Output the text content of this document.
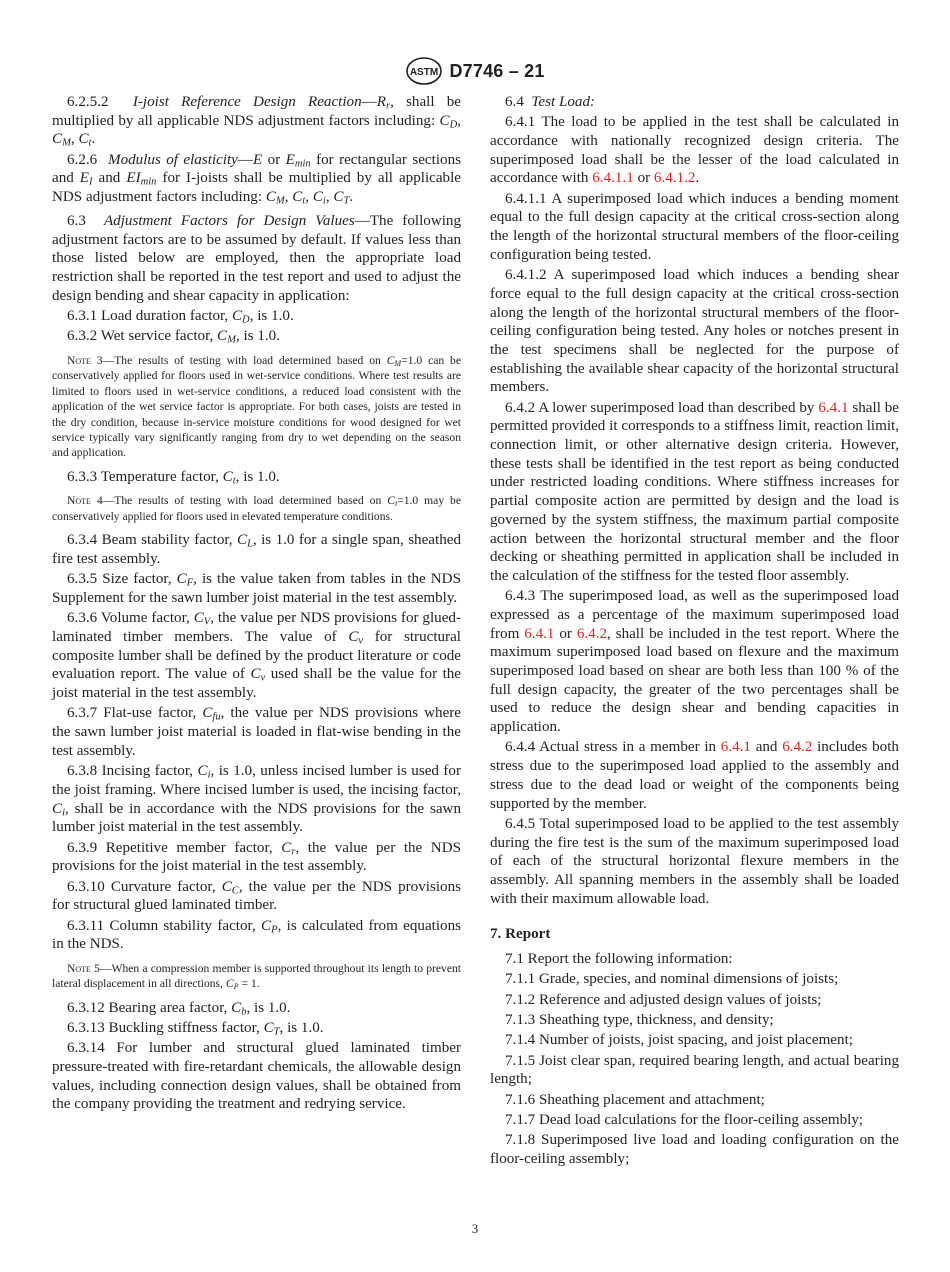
ASTM D7746 – 21

6.2.5.2 I-joist Reference Design $Reaction—R_r$, shall be multiplied by all applicable NDS adjustment factors including: $C_D$, $C_M$, $C_t$.

6.2.6 Modulus of elasticity—E or $E_{min}$ for rectangular sections and $E_I$ and $EI_{min}$ for I-joists shall be multiplied by all applicable NDS adjustment factors including: $C_M$, $C_t$, $C_i$, $C_T$.

6.3 Adjustment Factors for Design Values—The following adjustment factors are to be assumed by default. If values less than those listed below are employed, then the appropriate load restriction shall be reported in the test report and used to adjust the design bending and shear capacity in application:

6.3.1 Load duration factor, $C_D$, is 1.0.

6.3.2 Wet service factor, $C_M$, is 1.0.

Note 3—The results of testing with load determined based on $C_M=1.0$ can be conservatively applied for floors used in wet-service conditions. Where test results are limited to floors used in wet-service conditions, a reduced load consistent with the application of the wet service factor is appropriate. For both cases, joists are tested in the dry condition, because in-service moisture conditions for wood designed for wet service typically vary significantly ranging from dry to wet depending on the season and application.

6.3.3 Temperature factor, $C_t$, is 1.0.

Note 4—The results of testing with load determined based on $C_t=1.0$ may be conservatively applied for floors used in elevated temperature conditions.

6.3.4 Beam stability factor, $C_L$, is 1.0 for a single span, sheathed fire test assembly.

6.3.5 Size factor, $C_F$, is the value taken from tables in the NDS Supplement for the sawn lumber joist material in the test assembly.

6.3.6 Volume factor, $C_V$, the value per NDS provisions for glued-laminated timber members. The value of $C_v$ for structural composite lumber shall be defined by the product literature or code evaluation report. The value of $C_v$ used shall be the value for the joist material in the test assembly.

6.3.7 Flat-use factor, $C_{fu}$, the value per NDS provisions where the sawn lumber joist material is loaded in flat-wise bending in the test assembly.

6.3.8 Incising factor, $C_i$, is 1.0, unless incised lumber is used for the joist framing. Where incised lumber is used, the incising factor, $C_i$, shall be in accordance with the NDS provisions for the sawn lumber joist material in the test assembly.

6.3.9 Repetitive member factor, $C_r$, the value per the NDS provisions for the joist material in the test assembly.

6.3.10 Curvature factor, $C_C$, the value per the NDS provisions for structural glued laminated timber.

6.3.11 Column stability factor, $C_P$, is calculated from equations in the NDS.

Note 5—When a compression member is supported throughout its length to prevent lateral displacement in all directions, $C_P = 1$.

6.3.12 Bearing area factor, $C_b$, is 1.0.

6.3.13 Buckling stiffness factor, $C_T$, is 1.0.

6.3.14 For lumber and structural glued laminated timber pressure-treated with fire-retardant chemicals, the allowable design values, including connection design values, shall be obtained from the company providing the treatment and redrying service.

6.4 Test Load:

6.4.1 The load to be applied in the test shall be calculated in accordance with nationally recognized design criteria. The superimposed load shall be the lesser of the load calculated in accordance with 6.4.1.1 or 6.4.1.2.

6.4.1.1 A superimposed load which induces a bending moment equal to the full design capacity at the critical cross-section along the length of the horizontal structural members of the floor-ceiling configuration being tested.

6.4.1.2 A superimposed load which induces a bending shear force equal to the full design capacity at the critical cross-section along the length of the horizontal structural members of the floor-ceiling configuration being tested. Any holes or notches present in the test specimens shall be neglected for the purpose of establishing the available shear capacity of the horizontal structural members.

6.4.2 A lower superimposed load than described by 6.4.1 shall be permitted provided it corresponds to a stiffness limit, reaction limit, connection limit, or other alternative design criteria. However, these tests shall be identified in the test report as being conducted under restricted loading conditions. Where stiffness increases for partial composite action are permitted by design and the load is governed by the system stiffness, the maximum partial composite action between the horizontal structural member and the floor decking or sheathing permitted in application shall be included in the calculation of the stiffness for the tested floor assembly.

6.4.3 The superimposed load, as well as the superimposed load expressed as a percentage of the maximum superimposed load from 6.4.1 or 6.4.2, shall be included in the test report. Where the maximum superimposed load based on flexure and the maximum superimposed load based on shear are both less than 100 % of the full design capacity, the greater of the two percentages shall be used to reduce the design shear and bending capacities in application.

6.4.4 Actual stress in a member in 6.4.1 and 6.4.2 includes both stress due to the superimposed load applied to the assembly and stress due to the dead load or weight of the components being supported by the member.

6.4.5 Total superimposed load to be applied to the test assembly during the fire test is the sum of the maximum superimposed load of each of the structural horizontal flexure members in the assembly. All spanning members in the assembly shall be loaded with their maximum allowable load.

7. Report

7.1 Report the following information:

7.1.1 Grade, species, and nominal dimensions of joists;

7.1.2 Reference and adjusted design values of joists;

7.1.3 Sheathing type, thickness, and density;

7.1.4 Number of joists, joist spacing, and joist placement;

7.1.5 Joist clear span, required bearing length, and actual bearing length;

7.1.6 Sheathing placement and attachment;

7.1.7 Dead load calculations for the floor-ceiling assembly;

7.1.8 Superimposed live load and loading configuration on the floor-ceiling assembly;

3
